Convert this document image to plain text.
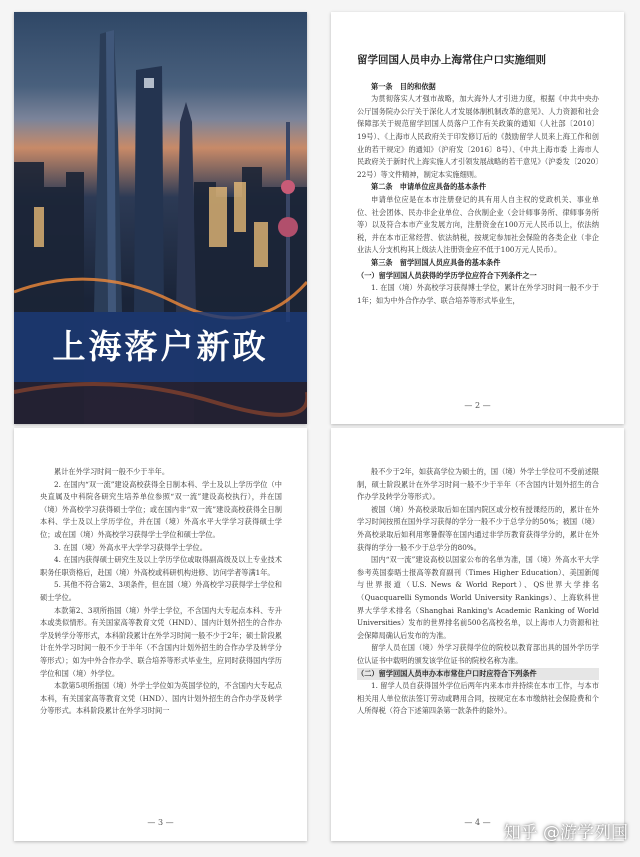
上海落户新政

留学回国人员申办上海常住户口实施细则

第一条　目的和依据

为贯彻落实人才强市战略，加大海外人才引进力度，根据《中共中央办公厅国务院办公厅关于深化人才发展体制机制改革的意见》、人力资源和社会保障部关于规范留学回国人员落户工作有关政策的通知（人社部〔2010〕19号）、《上海市人民政府关于印发修订后的《鼓励留学人员来上海工作和创业的若干规定》的通知》（沪府发〔2016〕8号）、《中共上海市委 上海市人民政府关于新时代上海实施人才引领发展战略的若干意见》（沪委发〔2020〕22号）等文件精神，制定本实施细则。

第二条　申请单位应具备的基本条件

申请单位应是在本市注册登记的具有用人自主权的党政机关、事业单位、社会团体、民办非企业单位、合伙制企业（会计师事务所、律师事务所等）以及符合本市产业发展方向，注册资金在100万元人民币以上，依法纳税，并在本市正常经营、依法纳税，按规定参加社会保险的各类企业（非企业法人分支机构其上级法人注册资金应不低于100万元人民币）。

第三条　留学回国人员应具备的基本条件

（一）留学回国人员获得的学历学位应符合下列条件之一

1. 在国（境）外高校学习获得博士学位，累计在外学习时间一般不少于1年；如为中外合作办学、联合培养等形式毕业生，

— 2 —

累计在外学习时间一般不少于半年。

2. 在国内“双一流”建设高校获得全日制本科、学士及以上学历学位（中央直属及中科院各研究生培养单位参照“双一流”建设高校执行），并在国（境）外高校学习获得硕士学位；或在国内非“双一流”建设高校获得全日制本科、学士及以上学历学位，并在国（境）外高水平大学学习获得硕士学位；或在国（境）外高校学习获得学士学位和硕士学位。

3. 在国（境）外高水平大学学习获得学士学位。

4. 在国内获得硕士研究生及以上学历学位或取得副高级及以上专业技术职务任职资格后，赴国（境）外高校或科研机构进修、访问学者等满1年。

5. 其他不符合第2、3项条件，但在国（境）外高校学习获得学士学位和硕士学位。

本款第2、3项所指国（境）外学士学位，不含国内大专起点本科、专升本或类似情形。有关国家高等教育文凭（HND）、国内计划外招生的合作办学及转学分等形式，本科阶段累计在外学习时间一般不少于2年；硕士阶段累计在外学习时间一般不少于半年（不含国内计划外招生的合作办学及转学分等形式）；如为中外合作办学、联合培养等形式毕业生，应同时获得国内学历学位和国（境）外学位。

本款第5项所指国（境）外学士学位如为英国学位的，不含国内大专起点本科，有关国家高等教育文凭（HND）、国内计划外招生的合作办学及转学分等形式。本科阶段累计在外学习时间一

— 3 —

般不少于2年，如获高学位为硕士的，国（境）外学士学位可不受前述限制，硕士阶段累计在外学习时间一般不少于半年（不含国内计划外招生的合作办学及转学分等形式）。

被国（境）外高校录取后如在国内院区或分校有授课经历的，累计在外学习时间按照在国外学习获得的学分一般不少于总学分的50%；被国（境）外高校录取后如利用寒暑假等在国内通过非学历教育获得学分的，累计在外获得的学分一般不少于总学分的80%。

国内“双一流”建设高校以国家公布的名单为准，国（境）外高水平大学参考英国泰晤士报高等教育副刊（Times Higher Education）、美国新闻与世界报道（U.S. News & World Report）、QS世界大学排名（Quacquarelli Symonds World University Rankings）、上海软科世界大学学术排名（Shanghai Ranking's Academic Ranking of World Universities）发布的世界排名前500名高校名单，以上海市人力资源和社会保障局确认后发布的为准。

留学人员在国（境）外学习获得学位的院校以教育部出具的国外学历学位认证书中载明的颁发该学位证书的院校名称为准。

（二）留学回国人员申办本市常住户口时应符合下列条件

1. 留学人员自获得国外学位后两年内来本市并持续在本市工作，与本市相关用人单位依法签订劳动或聘用合同，按规定在本市缴纳社会保险费和个人所得税（符合下述第四条第一款条件的除外）。

— 4 —
知乎 @游学列国
